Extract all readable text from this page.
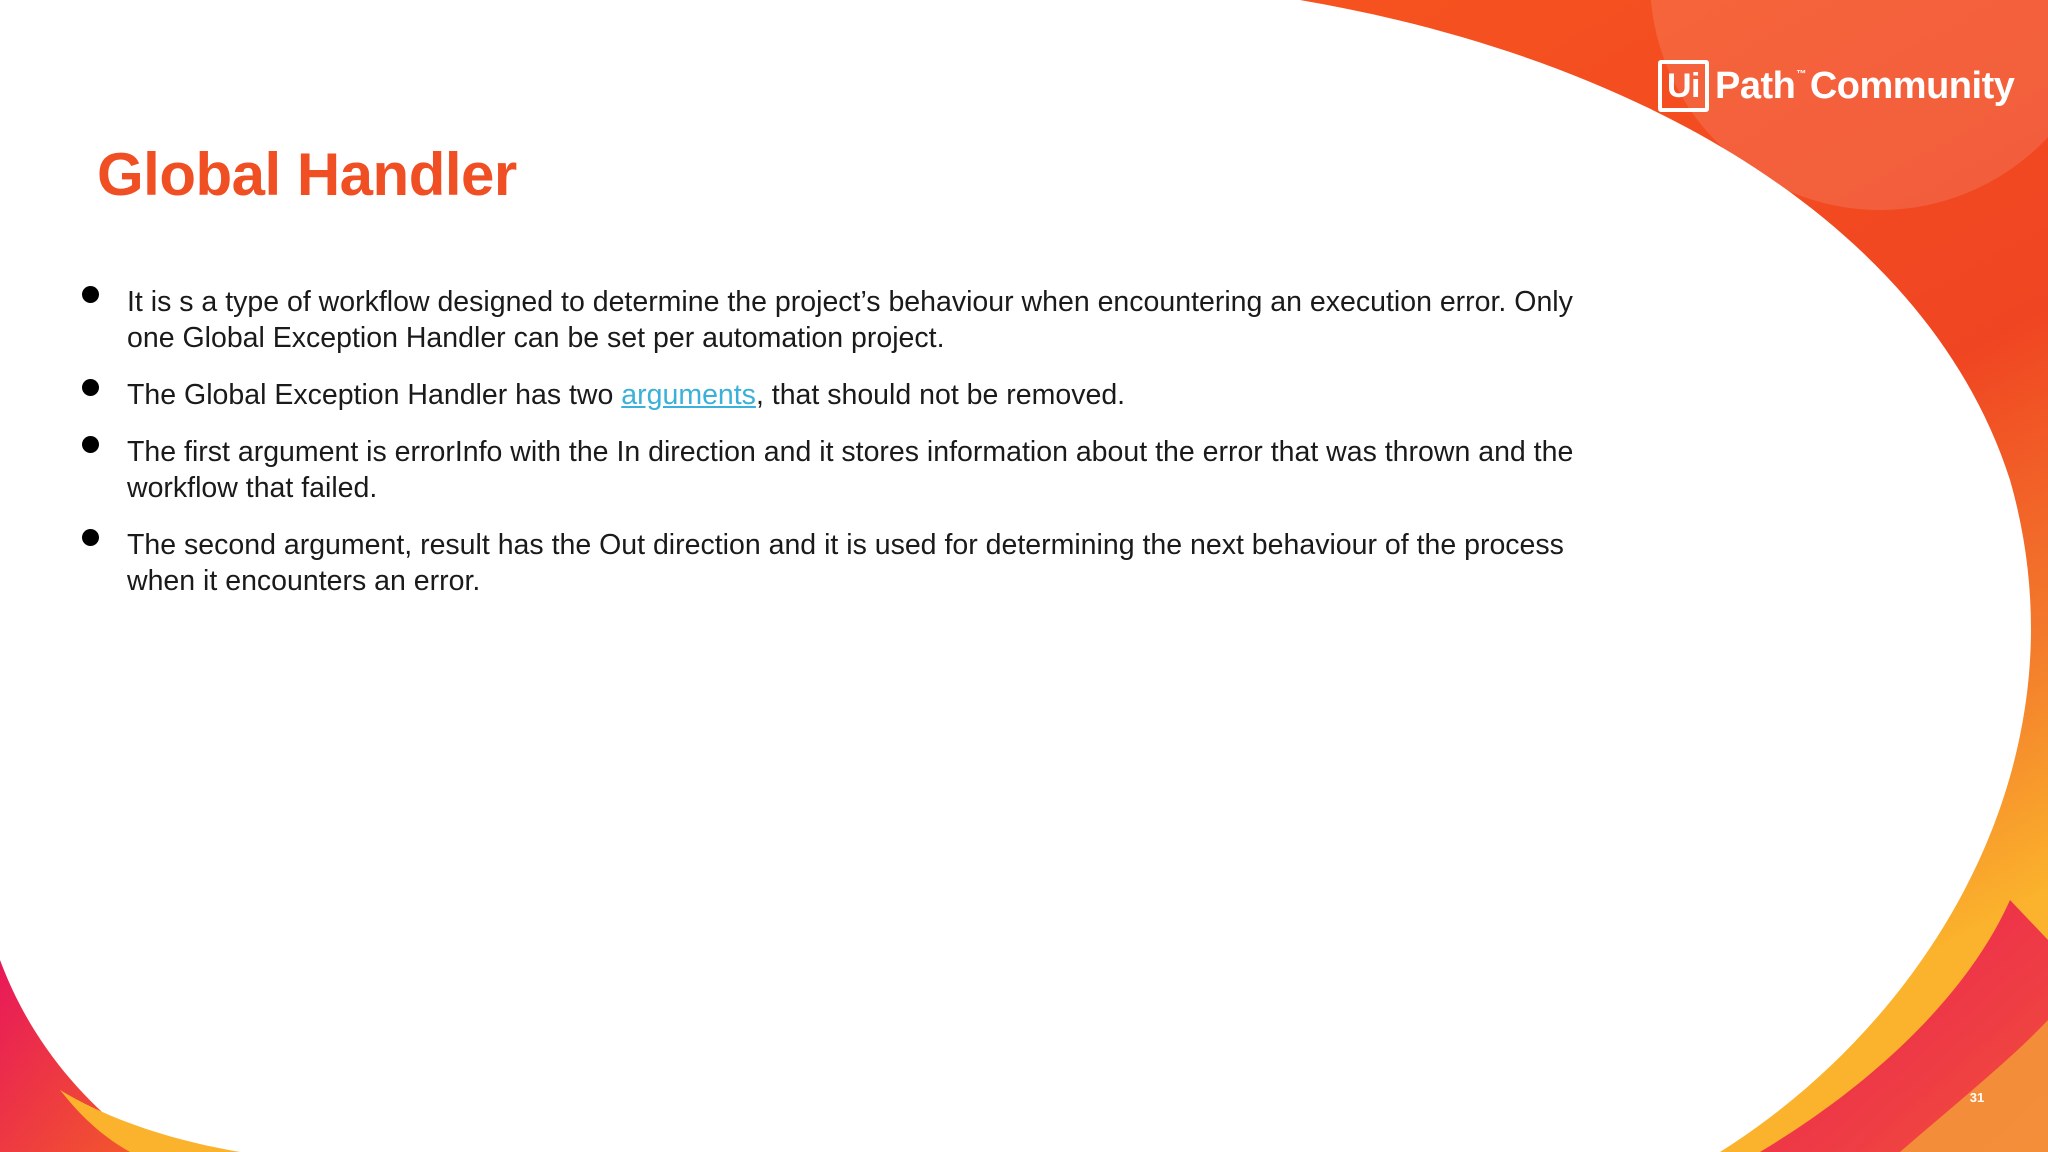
Ui Path ™ Community
Global Handler
It is s a type of workflow designed to determine the project’s behaviour when encountering an execution error. Only one Global Exception Handler can be set per automation project.
The Global Exception Handler has two arguments, that should not be removed.
The first argument is errorInfo with the In direction and it stores information about the error that was thrown and the workflow that failed.
The second argument, result has the Out direction and it is used for determining the next behaviour of the process when it encounters an error.
31
